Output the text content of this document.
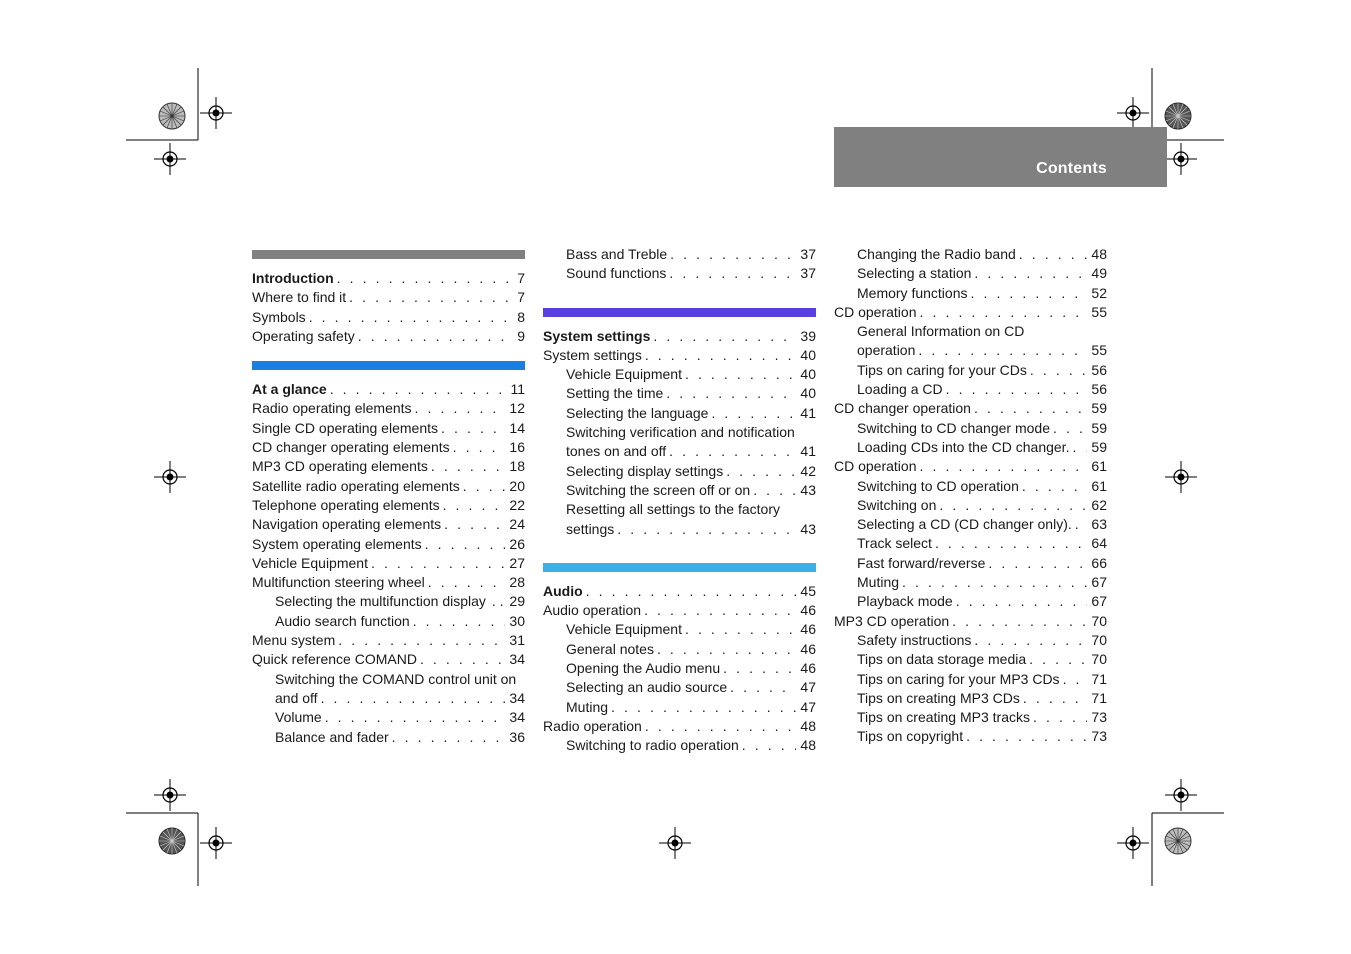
Contents
Introduction . . .	7
Where to find it . . .	7
Symbols . . .	8
Operating safety . . .	9
At a glance . . .	11
Radio operating elements . . .	12
Single CD operating elements . . .	14
CD changer operating elements . . .	16
MP3 CD operating elements . . .	18
Satellite radio operating elements . . .	20
Telephone operating elements . . .	22
Navigation operating elements . . .	24
System operating elements . . .	26
Vehicle Equipment . . .	27
Multifunction steering wheel . . .	28
Selecting the multifunction display . . . 29
Audio search function . . .	30
Menu system . . .	31
Quick reference COMAND . . .	34
Switching the COMAND control unit on
and off . . .	34
Volume . . .	34
Balance and fader . . .	36
Bass and Treble . . .	37
Sound functions . . .	37
System settings . . .	39
System settings . . .	40
Vehicle Equipment . . .	40
Setting the time . . .	40
Selecting the language . . .	41
Switching verification and notification
tones on and off . . .	41
Selecting display settings . . .	42
Switching the screen off or on . . .	43
Resetting all settings to the factory
settings . . .	43
Audio . . .	45
Audio operation . . .	46
Vehicle Equipment . . .	46
General notes . . .	46
Opening the Audio menu . . .	46
Selecting an audio source . . .	47
Muting . . .	47
Radio operation . . .	48
Switching to radio operation . . .	48
Changing the Radio band . . .	48
Selecting a station . . .	49
Memory functions . . .	52
CD operation . . .	55
General Information on CD
operation . . .	55
Tips on caring for your CDs . . .	56
Loading a CD . . .	56
CD changer operation . . .	59
Switching to CD changer mode . . .	59
Loading CDs into the CD changer. . . . 59
CD operation . . .	61
Switching to CD operation . . .	61
Switching on . . .	62
Selecting a CD (CD changer only). . . . 63
Track select . . .	64
Fast forward/reverse . . .	66
Muting . . .	67
Playback mode . . .	67
MP3 CD operation . . .	70
Safety instructions . . .	70
Tips on data storage media . . .	70
Tips on caring for your MP3 CDs . . . 71
Tips on creating MP3 CDs . . .	71
Tips on creating MP3 tracks . . .	73
Tips on copyright . . .	73
